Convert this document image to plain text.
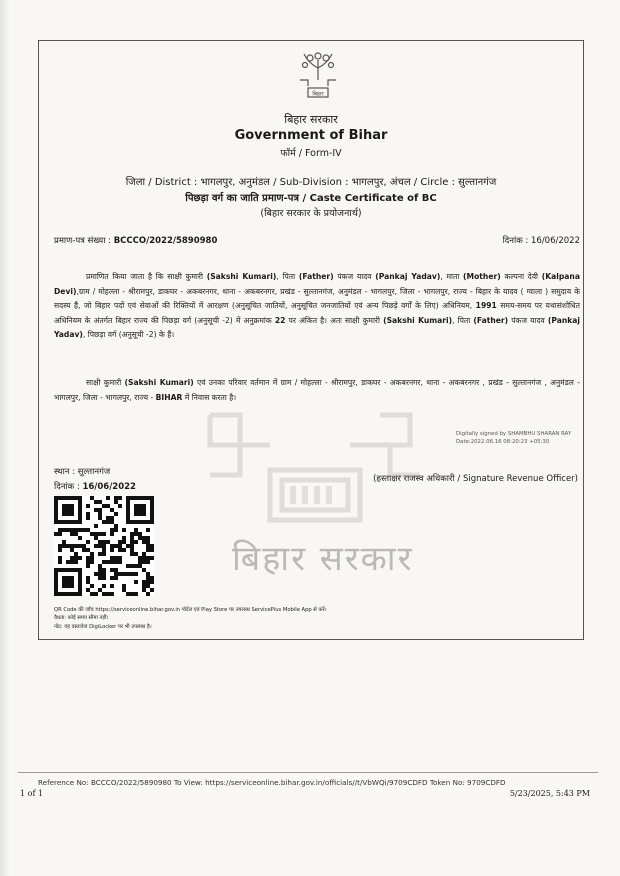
बिहार सरकार
बिहार
बिहार सरकार
Government of Bihar
फॉर्म / Form-IV
जिला / District : भागलपुर, अनुमंडल / Sub-Division : भागलपुर, अंचल / Circle : सुल्तानगंज
पिछड़ा वर्ग का जाति प्रमाण-पत्र / Caste Certificate of BC
(बिहार सरकार के प्रयोजनार्थ)
प्रमाण-पत्र संख्या : BCCCO/2022/5890980	दिनांक : 16/06/2022
प्रमाणित किया जाता है कि साक्षी कुमारी (Sakshi Kumari), पिता (Father) पंकज यादव (Pankaj Yadav), माता (Mother) कल्पना देवी (Kalpana Devi),ग्राम / मोहल्ला - श्रीरामपुर, डाकघर - अकबरनगर, थाना - अकबरनगर, प्रखंड - सुल्तानगंज, अनुमंडल - भागलपुर, जिला - भागलपुर, राज्य - बिहार के यादव ( ग्वाला ) समुदाय के सदस्य हैं, जो बिहार पदों एवं सेवाओं की रिक्तियों में आरक्षण (अनुसूचित जातियों, अनुसूचित जनजातियों एवं अन्य पिछड़े वर्गों के लिए) अधिनियम, 1991 समय-समय पर यथासंशोधित अधिनियम के अंतर्गत बिहार राज्य की पिछड़ा वर्ग (अनुसूची -2) में अनुक्रमांक 22 पर अंकित है। अतः साक्षी कुमारी (Sakshi Kumari), पिता (Father) पंकज यादव (Pankaj Yadav), पिछड़ा वर्ग (अनुसूची -2) के हैं।
साक्षी कुमारी (Sakshi Kumari) एवं उनका परिवार वर्तमान में ग्राम / मोहल्ला - श्रीरामपुर, डाकघर - अकबरनगर, थाना - अकबरनगर , प्रखंड - सुल्तानगंज , अनुमंडल - भागलपुर, जिला - भागलपुर, राज्य - BIHAR में निवास करता है।
Digitally signed by SHAMBHU SHARAN RAY
Date:2022.06.16 08:20:23 +05:30
स्थान : सुल्तानगंज
दिनांक : 16/06/2022
(हस्ताक्षर राजस्व अधिकारी / Signature Revenue Officer)
QR Code की जाँच https://serviceonline.bihar.gov.in पोर्टल एवं Play Store पर उपलब्ध ServicePlus Mobile App से करें।
वैधता: कोई समय सीमा नहीं।
नोट: यह दस्तावेज DigiLocker पर भी उपलब्ध है।
Reference No: BCCCO/2022/5890980 To View: https://serviceonline.bihar.gov.in/officials//t/VbWQi/9709CDFD Token No: 9709CDFD
1 of 1	5/23/2025, 5:43 PM
